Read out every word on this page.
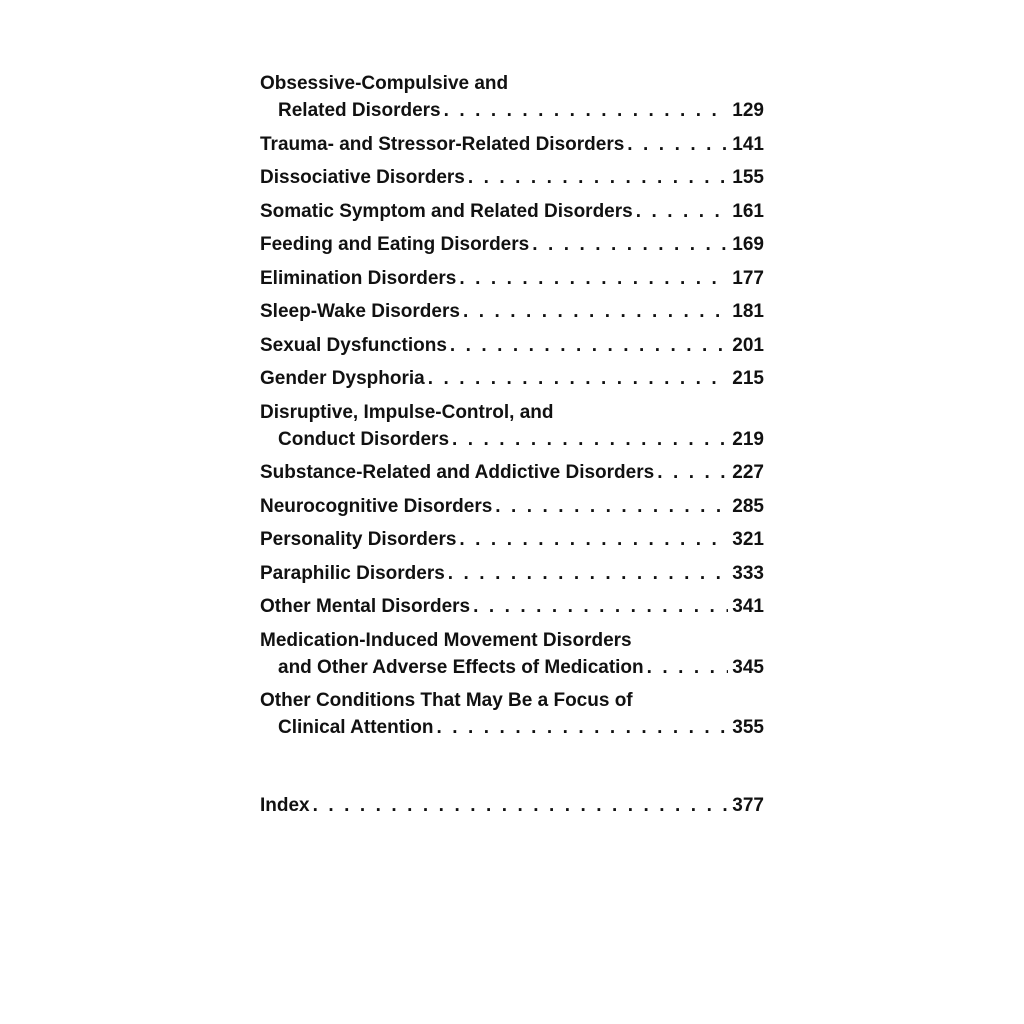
Obsessive-Compulsive and
Related Disorders . . .	129
Trauma- and Stressor-Related Disorders . . .	141
Dissociative Disorders . . .	155
Somatic Symptom and Related Disorders . . .	161
Feeding and Eating Disorders . . .	169
Elimination Disorders . . .	177
Sleep-Wake Disorders . . .	181
Sexual Dysfunctions . . .	201
Gender Dysphoria . . .	215
Disruptive, Impulse-Control, and
Conduct Disorders . . .	219
Substance-Related and Addictive Disorders . . .	227
Neurocognitive Disorders . . .	285
Personality Disorders . . .	321
Paraphilic Disorders . . .	333
Other Mental Disorders . . .	341
Medication-Induced Movement Disorders
and Other Adverse Effects of Medication . . .	345
Other Conditions That May Be a Focus of
Clinical Attention . . .	355
Index . . .	377
